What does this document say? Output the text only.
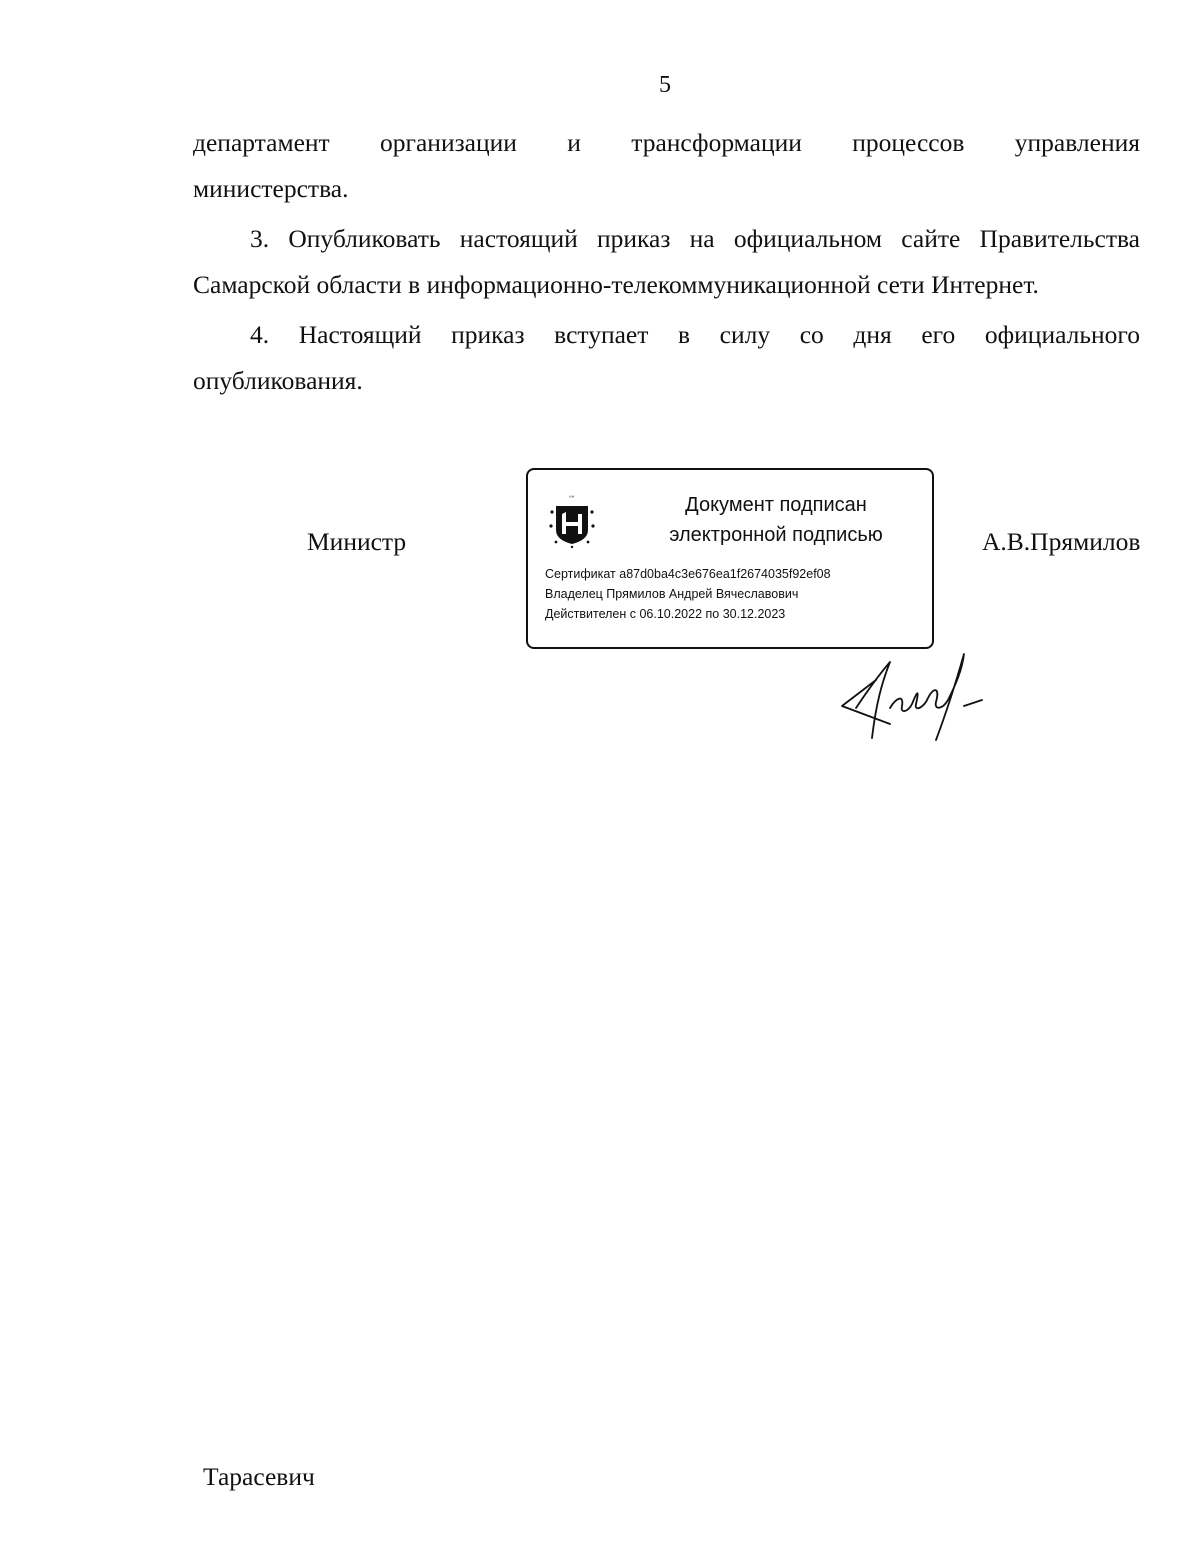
5
департамент организации и трансформации процессов управления
министерства.
3. Опубликовать настоящий приказ на официальном сайте Правительства
Самарской области в информационно-телекоммуникационной сети Интернет.
4. Настоящий приказ вступает в силу со дня его официального
опубликования.
Министр	А.В.Прямилов
ᐡᐡ	Документ подписан
электронной подписью
Сертификат a87d0ba4c3e676ea1f2674035f92ef08
Владелец Прямилов Андрей Вячеславович
Действителен с 06.10.2022 по 30.12.2023
Тарасевич
